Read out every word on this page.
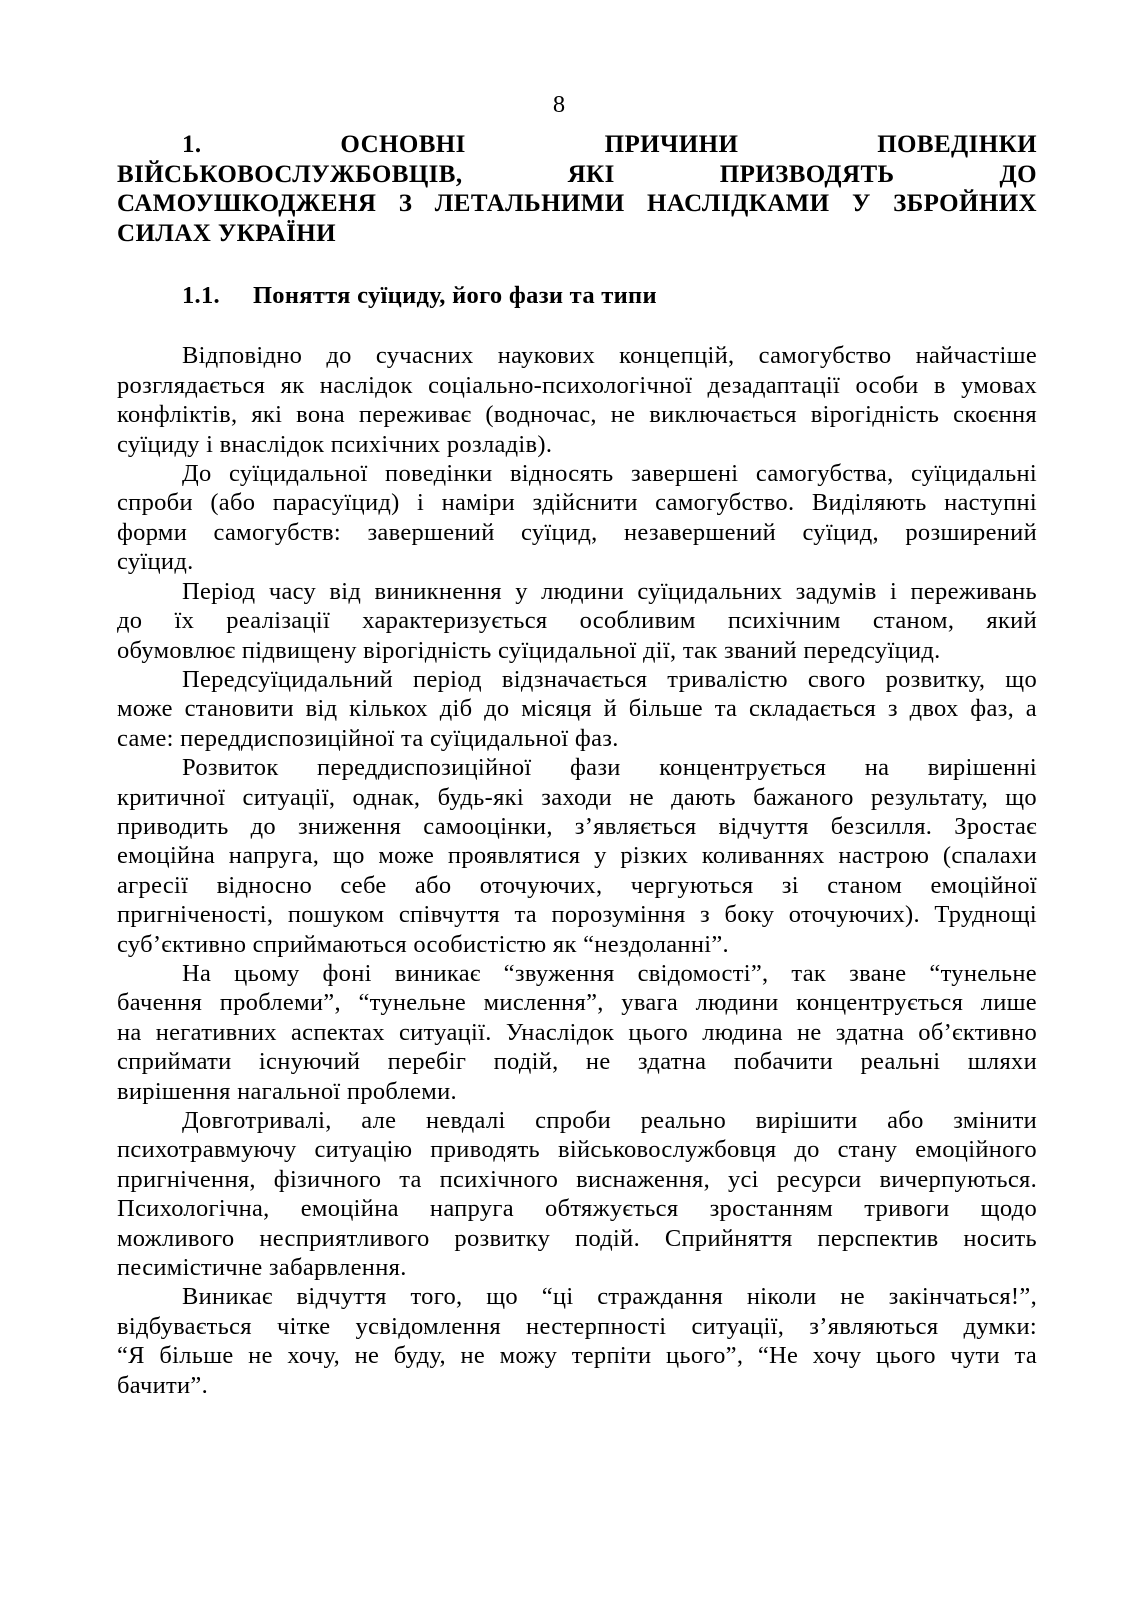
8
1. ОСНОВНІ ПРИЧИНИ ПОВЕДІНКИ
ВІЙСЬКОВОСЛУЖБОВЦІВ, ЯКІ ПРИЗВОДЯТЬ ДО
САМОУШКОДЖЕНЯ З ЛЕТАЛЬНИМИ НАСЛІДКАМИ У ЗБРОЙНИХ
СИЛАХ УКРАЇНИ
1.1. Поняття суїциду, його фази та типи
Відповідно до сучасних наукових концепцій, самогубство найчастіше
розглядається як наслідок соціально-психологічної дезадаптації особи в умовах
конфліктів, які вона переживає (водночас, не виключається вірогідність скоєння
суїциду і внаслідок психічних розладів).
До суїцидальної поведінки відносять завершені самогубства, суїцидальні
спроби (або парасуїцид) і наміри здійснити самогубство. Виділяють наступні
форми самогубств: завершений суїцид, незавершений суїцид, розширений
суїцид.
Період часу від виникнення у людини суїцидальних задумів і переживань
до їх реалізації характеризується особливим психічним станом, який
обумовлює підвищену вірогідність суїцидальної дії, так званий передсуїцид.
Передсуїцидальний період відзначається тривалістю свого розвитку, що
може становити від кількох діб до місяця й більше та складається з двох фаз, а
саме: переддиспозиційної та суїцидальної фаз.
Розвиток переддиспозиційної фази концентрується на вирішенні
критичної ситуації, однак, будь-які заходи не дають бажаного результату, що
приводить до зниження самооцінки, з’являється відчуття безсилля. Зростає
емоційна напруга, що може проявлятися у різких коливаннях настрою (спалахи
агресії відносно себе або оточуючих, чергуються зі станом емоційної
пригніченості, пошуком співчуття та порозуміння з боку оточуючих). Труднощі
суб’єктивно сприймаються особистістю як “нездоланні”.
На цьому фоні виникає “звуження свідомості”, так зване “тунельне
бачення проблеми”, “тунельне мислення”, увага людини концентрується лише
на негативних аспектах ситуації. Унаслідок цього людина не здатна об’єктивно
сприймати існуючий перебіг подій, не здатна побачити реальні шляхи
вирішення нагальної проблеми.
Довготривалі, але невдалі спроби реально вирішити або змінити
психотравмуючу ситуацію приводять військовослужбовця до стану емоційного
пригнічення, фізичного та психічного виснаження, усі ресурси вичерпуються.
Психологічна, емоційна напруга обтяжується зростанням тривоги щодо
можливого несприятливого розвитку подій. Сприйняття перспектив носить
песимістичне забарвлення.
Виникає відчуття того, що “ці страждання ніколи не закінчаться!”,
відбувається чітке усвідомлення нестерпності ситуації, з’являються думки:
“Я більше не хочу, не буду, не можу терпіти цього”, “Не хочу цього чути та
бачити”.
